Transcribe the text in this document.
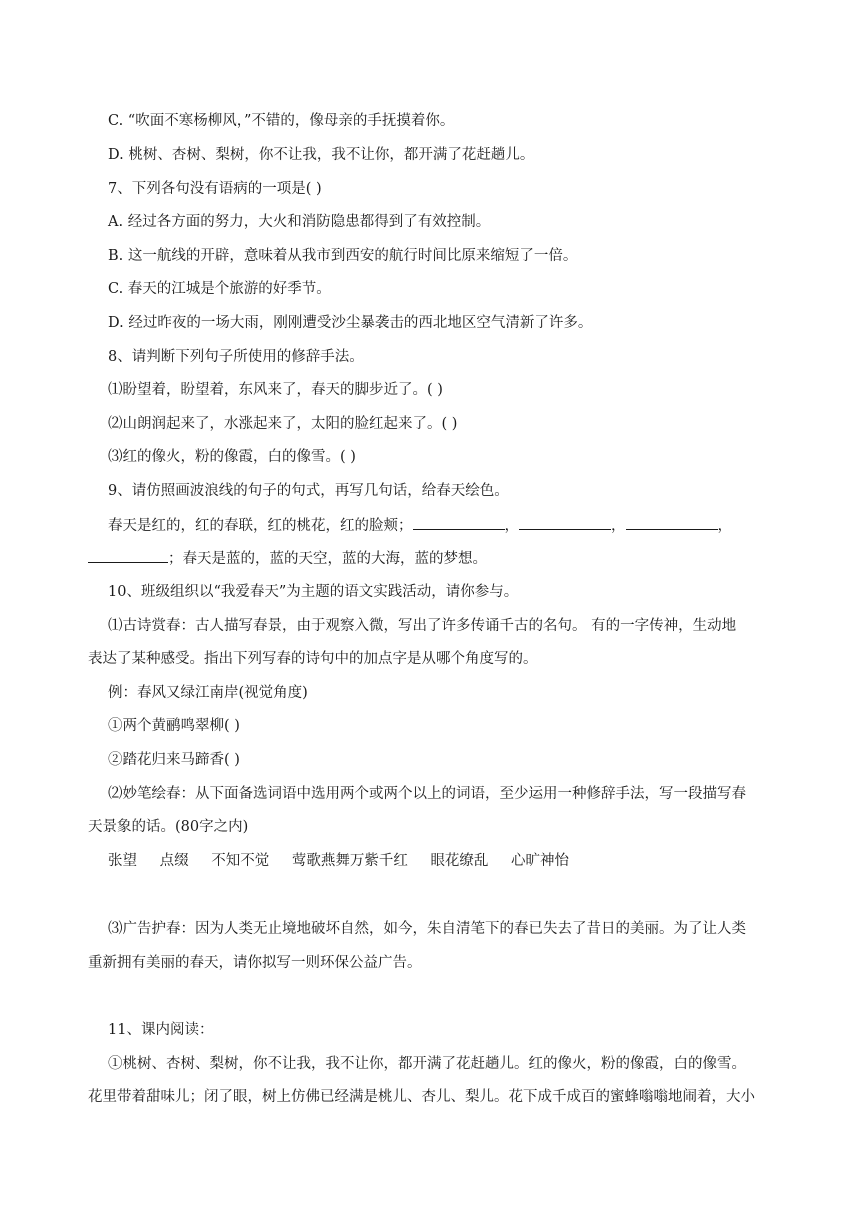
C. “吹面不寒杨柳风，”不错的，像母亲的手抚摸着你。
D. 桃树、杏树、梨树，你不让我，我不让你，都开满了花赶趟儿。
7、下列各句没有语病的一项是( )
A. 经过各方面的努力，大火和消防隐患都得到了有效控制。
B. 这一航线的开辟，意味着从我市到西安的航行时间比原来缩短了一倍。
C. 春天的江城是个旅游的好季节。
D. 经过昨夜的一场大雨，刚刚遭受沙尘暴袭击的西北地区空气清新了许多。
8、请判断下列句子所使用的修辞手法。
⑴盼望着，盼望着，东风来了，春天的脚步近了。( )
⑵山朗润起来了，水涨起来了，太阳的脸红起来了。( )
⑶红的像火，粉的像霞，白的像雪。( )
9、请仿照画波浪线的句子的句式，再写几句话，给春天绘色。
春天是红的，红的春联，红的桃花，红的脸颊；	，	，	，
；春天是蓝的，蓝的天空，蓝的大海，蓝的梦想。
10、班级组织以“我爱春天”为主题的语文实践活动，请你参与。
⑴古诗赏春：古人描写春景，由于观察入微，写出了许多传诵千古的名句。 有的一字传神，生动地
表达了某种感受。指出下列写春的诗句中的加点字是从哪个角度写的。
例：春风又绿江南岸(视觉角度)
①两个黄鹂鸣翠柳( )
②踏花归来马蹄香( )
⑵妙笔绘春：从下面备选词语中选用两个或两个以上的词语，至少运用一种修辞手法，写一段描写春
天景象的话。(80字之内)
张望 点缀 不知不觉 莺歌燕舞万紫千红 眼花缭乱 心旷神怡
⑶广告护春：因为人类无止境地破坏自然，如今，朱自清笔下的春已失去了昔日的美丽。为了让人类
重新拥有美丽的春天，请你拟写一则环保公益广告。
11、课内阅读：
①桃树、杏树、梨树，你不让我，我不让你，都开满了花赶趟儿。红的像火，粉的像霞，白的像雪。
花里带着甜味儿；闭了眼，树上仿佛已经满是桃儿、杏儿、梨儿。花下成千成百的蜜蜂嗡嗡地闹着，大小
